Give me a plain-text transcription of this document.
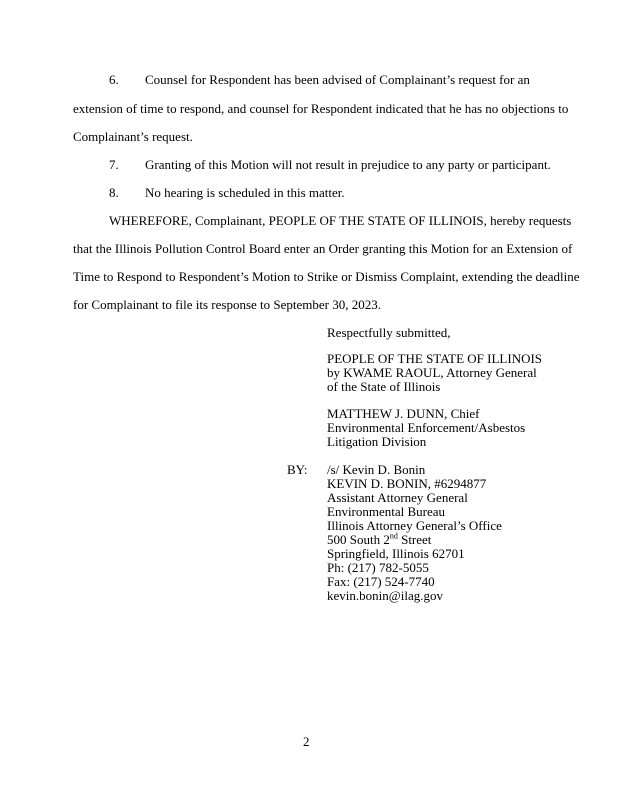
6. Counsel for Respondent has been advised of Complainant’s request for an
extension of time to respond, and counsel for Respondent indicated that he has no objections to
Complainant’s request.
7. Granting of this Motion will not result in prejudice to any party or participant.
8. No hearing is scheduled in this matter.
WHEREFORE, Complainant, PEOPLE OF THE STATE OF ILLINOIS, hereby requests
that the Illinois Pollution Control Board enter an Order granting this Motion for an Extension of
Time to Respond to Respondent’s Motion to Strike or Dismiss Complaint, extending the deadline
for Complainant to file its response to September 30, 2023.
Respectfully submitted,
PEOPLE OF THE STATE OF ILLINOIS
by KWAME RAOUL, Attorney General
of the State of Illinois
MATTHEW J. DUNN, Chief
Environmental Enforcement/Asbestos
Litigation Division
BY: /s/ Kevin D. Bonin
KEVIN D. BONIN, #6294877
Assistant Attorney General
Environmental Bureau
Illinois Attorney General’s Office
500 South 2nd Street
Springfield, Illinois 62701
Ph: (217) 782-5055
Fax: (217) 524-7740
kevin.bonin@ilag.gov
2
